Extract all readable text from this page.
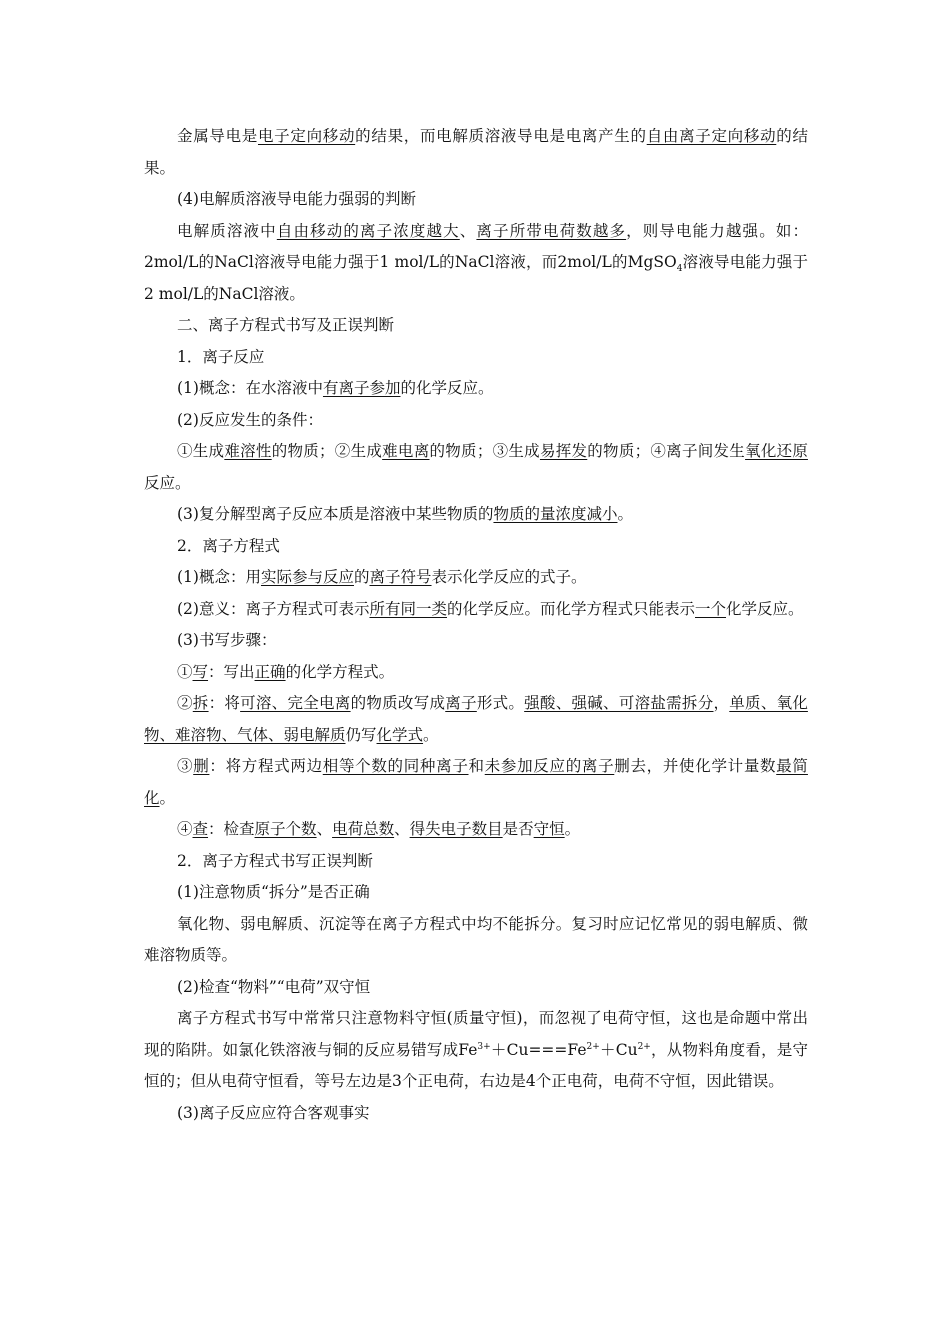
金属导电是电子定向移动的结果，而电解质溶液导电是电离产生的自由离子定向移动的结果。

(4)电解质溶液导电能力强弱的判断

电解质溶液中自由移动的离子浓度越大、离子所带电荷数越多，则导电能力越强。如：2mol/L的NaCl溶液导电能力强于1 mol/L的NaCl溶液，而2mol/L的MgSO$_4$溶液导电能力强于2 mol/L的NaCl溶液。

二、离子方程式书写及正误判断

1．离子反应

(1)概念：在水溶液中有离子参加的化学反应。

(2)反应发生的条件：

①生成难溶性的物质；②生成难电离的物质；③生成易挥发的物质；④离子间发生氧化还原反应。

(3)复分解型离子反应本质是溶液中某些物质的物质的量浓度减小。

2．离子方程式

(1)概念：用实际参与反应的离子符号表示化学反应的式子。

(2)意义：离子方程式可表示所有同一类的化学反应。而化学方程式只能表示一个化学反应。

(3)书写步骤：

①写：写出正确的化学方程式。

②拆：将可溶、完全电离的物质改写成离子形式。强酸、强碱、可溶盐需拆分，单质、氧化物、难溶物、气体、弱电解质仍写化学式。

③删：将方程式两边相等个数的同种离子和未参加反应的离子删去，并使化学计量数最简化。

④查：检查原子个数、电荷总数、得失电子数目是否守恒。

2．离子方程式书写正误判断

(1)注意物质“拆分”是否正确

氧化物、弱电解质、沉淀等在离子方程式中均不能拆分。复习时应记忆常见的弱电解质、微难溶物质等。

(2)检查“物料”“电荷”双守恒

离子方程式书写中常常只注意物料守恒(质量守恒)，而忽视了电荷守恒，这也是命题中常出现的陷阱。如氯化铁溶液与铜的反应易错写成$Fe^{3+}+Cu===Fe^{2+}+Cu^{2+}$，从物料角度看，是守恒的；但从电荷守恒看，等号左边是3个正电荷，右边是4个正电荷，电荷不守恒，因此错误。

(3)离子反应应符合客观事实
